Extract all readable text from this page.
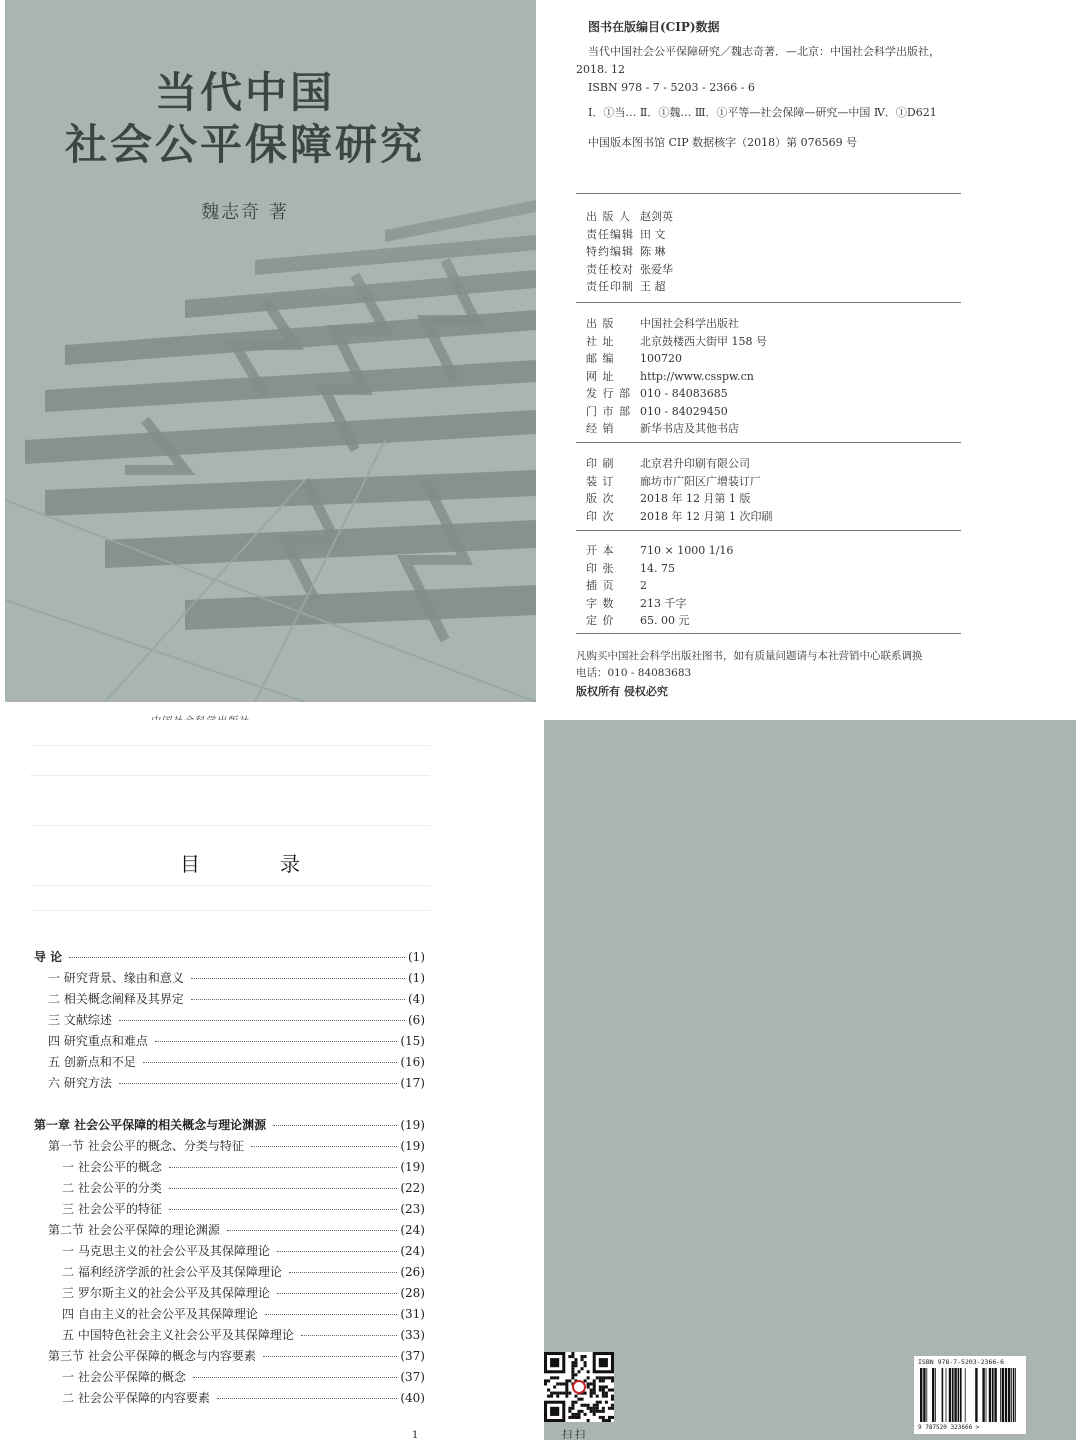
当代中国
社会公平保障研究
魏志奇 著
图书在版编目(CIP)数据
当代中国社会公平保障研究／魏志奇著．—北京：中国社会科学出版社，
2018. 12
ISBN 978 - 7 - 5203 - 2366 - 6
Ⅰ．①当… Ⅱ．①魏… Ⅲ．①平等—社会保障—研究—中国 Ⅳ．①D621
中国版本图书馆 CIP 数据核字（2018）第 076569 号
出 版 人 赵剑英
责任编辑 田 文
特约编辑 陈 琳
责任校对 张爱华
责任印制 王 超
出 版 中国社会科学出版社
社 址 北京鼓楼西大街甲 158 号
邮 编 100720
网 址 http://www.csspw.cn
发 行 部 010 - 84083685
门 市 部 010 - 84029450
经 销 新华书店及其他书店
印 刷 北京君升印刷有限公司
装 订 廊坊市广阳区广增装订厂
版 次 2018 年 12 月第 1 版
印 次 2018 年 12 月第 1 次印刷
开 本 710 × 1000 1/16
印 张 14. 75
插 页 2
字 数 213 千字
定 价 65. 00 元
凡购买中国社会科学出版社图书，如有质量问题请与本社营销中心联系调换
电话：010 - 84083683
版权所有 侵权必究
目	录
导 论	(1)
一 研究背景、缘由和意义	(1)
二 相关概念阐释及其界定	(4)
三 文献综述	(6)
四 研究重点和难点	(15)
五 创新点和不足	(16)
六 研究方法	(17)
第一章 社会公平保障的相关概念与理论渊源	(19)
第一节 社会公平的概念、分类与特征	(19)
一 社会公平的概念	(19)
二 社会公平的分类	(22)
三 社会公平的特征	(23)
第二节 社会公平保障的理论渊源	(24)
一 马克思主义的社会公平及其保障理论	(24)
二 福利经济学派的社会公平及其保障理论	(26)
三 罗尔斯主义的社会公平及其保障理论	(28)
四 自由主义的社会公平及其保障理论	(31)
五 中国特色社会主义社会公平及其保障理论	(33)
第三节 社会公平保障的概念与内容要素	(37)
一 社会公平保障的概念	(37)
二 社会公平保障的内容要素	(40)
1	扫 扫
ISBN 978-7-5203-2366-6
9 787520 323666 >
